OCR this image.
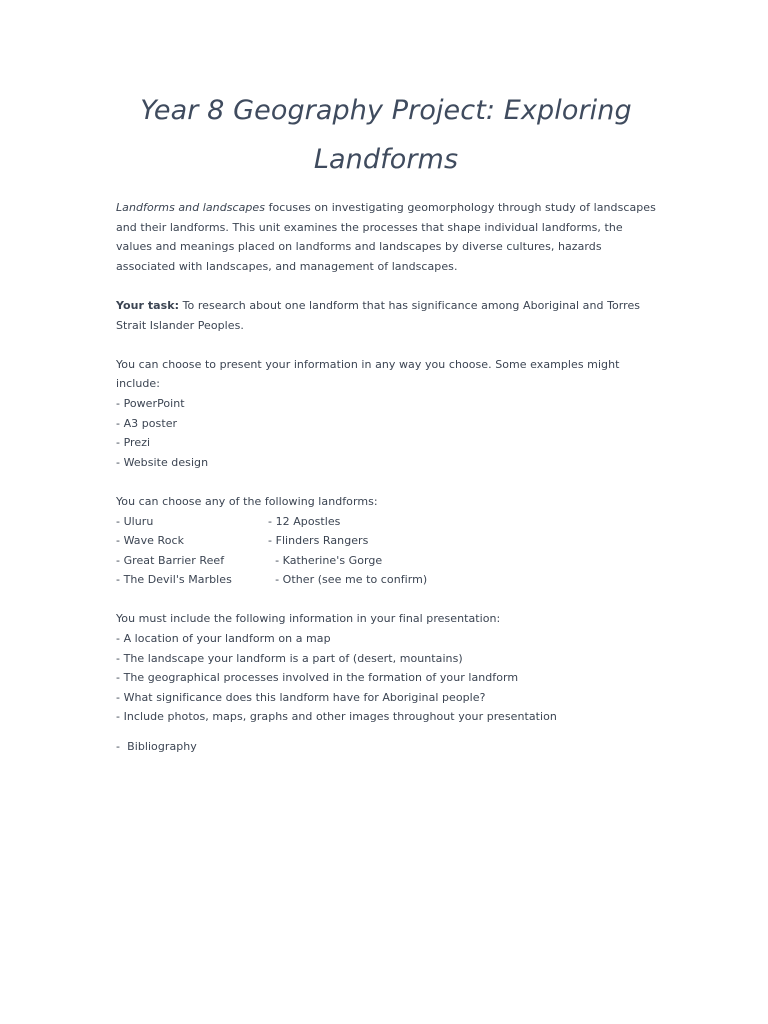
Year 8 Geography Project: Exploring Landforms

Landforms and landscapes focuses on investigating geomorphology through study of landscapes and their landforms. This unit examines the processes that shape individual landforms, the values and meanings placed on landforms and landscapes by diverse cultures, hazards associated with landscapes, and management of landscapes.

Your task: To research about one landform that has significance among Aboriginal and Torres Strait Islander Peoples.

You can choose to present your information in any way you choose. Some examples might include:

- PowerPoint

- A3 poster

- Prezi

- Website design

You can choose any of the following landforms:

- Uluru	- 12 Apostles
- Wave Rock	- Flinders Rangers
- Great Barrier Reef	- Katherine's Gorge
- The Devil's Marbles	- Other (see me to confirm)

You must include the following information in your final presentation:

- A location of your landform on a map

- The landscape your landform is a part of (desert, mountains)

- The geographical processes involved in the formation of your landform

- What significance does this landform have for Aboriginal people?

- Include photos, maps, graphs and other images throughout your presentation

-  Bibliography
